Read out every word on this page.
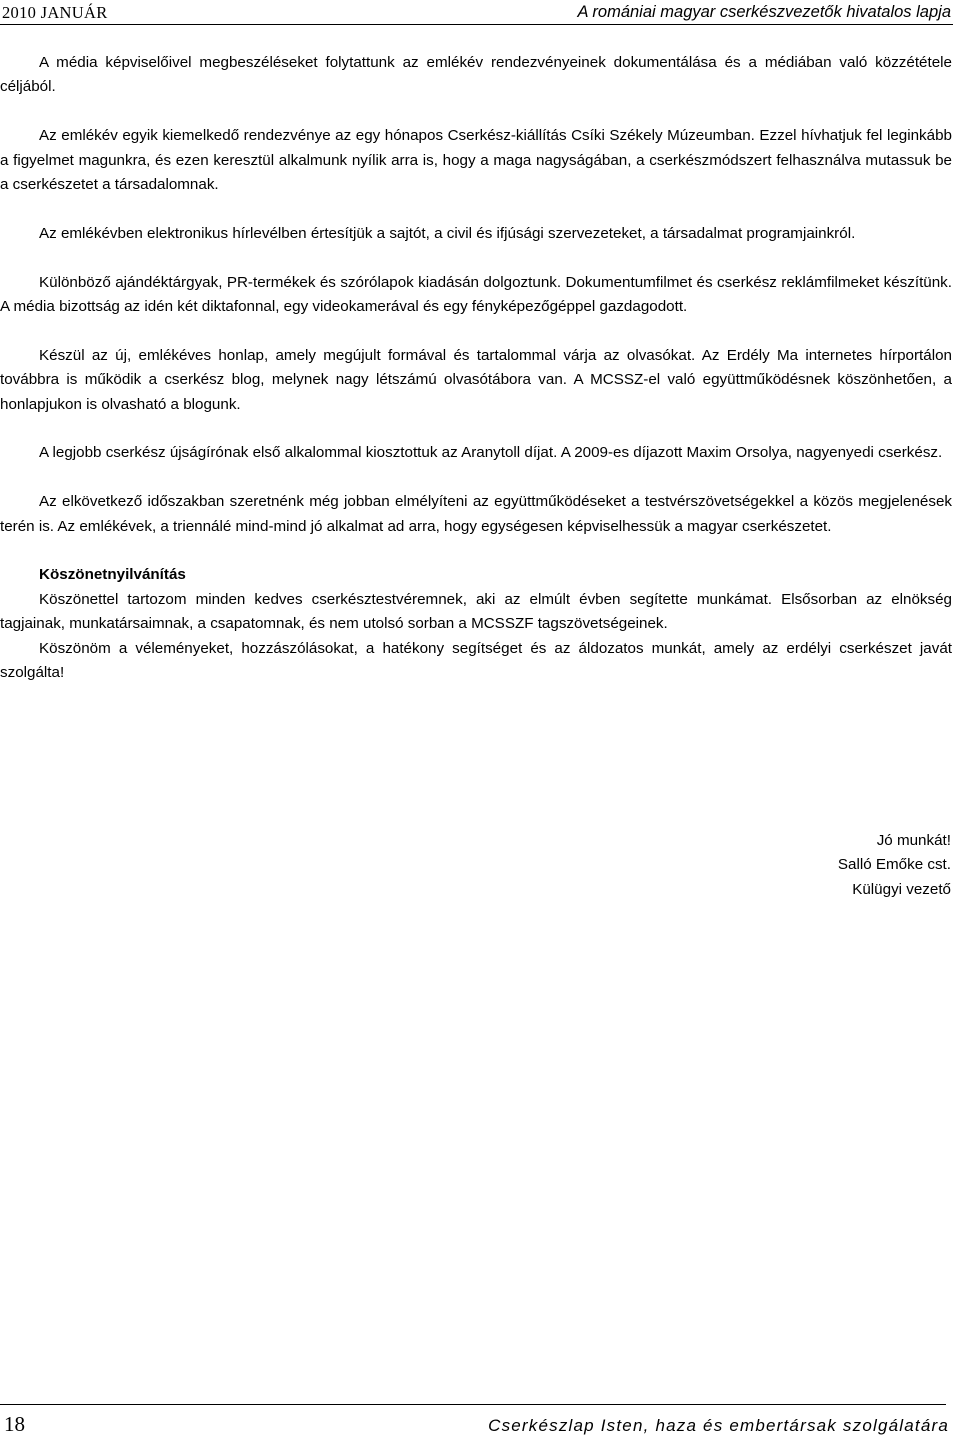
2010 JANUÁR	A romániai magyar cserkészvezetők hivatalos lapja

A média képviselőivel megbeszéléseket folytattunk az emlékév rendezvényeinek dokumentálása és a médiában való közzététele céljából.

Az emlékév egyik kiemelkedő rendezvénye az egy hónapos Cserkész-kiállítás Csíki Székely Múzeumban. Ezzel hívhatjuk fel leginkább a figyelmet magunkra, és ezen keresztül alkalmunk nyílik arra is, hogy a maga nagyságában, a cserkészmódszert felhasználva mutassuk be a cserkészetet a társadalomnak.

Az emlékévben elektronikus hírlevélben értesítjük a sajtót, a civil és ifjúsági szervezeteket, a társadalmat programjainkról.

Különböző ajándéktárgyak, PR-termékek és szórólapok kiadásán dolgoztunk. Dokumentumfilmet és cserkész reklámfilmeket készítünk. A média bizottság az idén két diktafonnal, egy videokamerával és egy fényképezőgéppel gazdagodott.

Készül az új, emlékéves honlap, amely megújult formával és tartalommal várja az olvasókat. Az Erdély Ma internetes hírportálon továbbra is működik a cserkész blog, melynek nagy létszámú olvasótábora van. A MCSSZ-el való együttműködésnek köszönhetően, a honlapjukon is olvasható a blogunk.

A legjobb cserkész újságírónak első alkalommal kiosztottuk az Aranytoll díjat. A 2009-es díjazott Maxim Orsolya, nagyenyedi cserkész.

Az elkövetkező időszakban szeretnénk még jobban elmélyíteni az együttműködéseket a testvérszövetségekkel a közös megjelenések terén is. Az emlékévek, a triennálé mind-mind jó alkalmat ad arra, hogy egységesen képviselhessük a magyar cserkészetet.

Köszönetnyilvánítás

Köszönettel tartozom minden kedves cserkésztestvéremnek, aki az elmúlt évben segítette munkámat. Elsősorban az elnökség tagjainak, munkatársaimnak, a csapatomnak, és nem utolsó sorban a MCSSZF tagszövetségeinek.

Köszönöm a véleményeket, hozzászólásokat, a hatékony segítséget és az áldozatos munkát, amely az erdélyi cserkészet javát szolgálta!

Jó munkát!
Salló Emőke cst.
Külügyi vezető
18	Cserkészlap Isten, haza és embertársak szolgálatára
